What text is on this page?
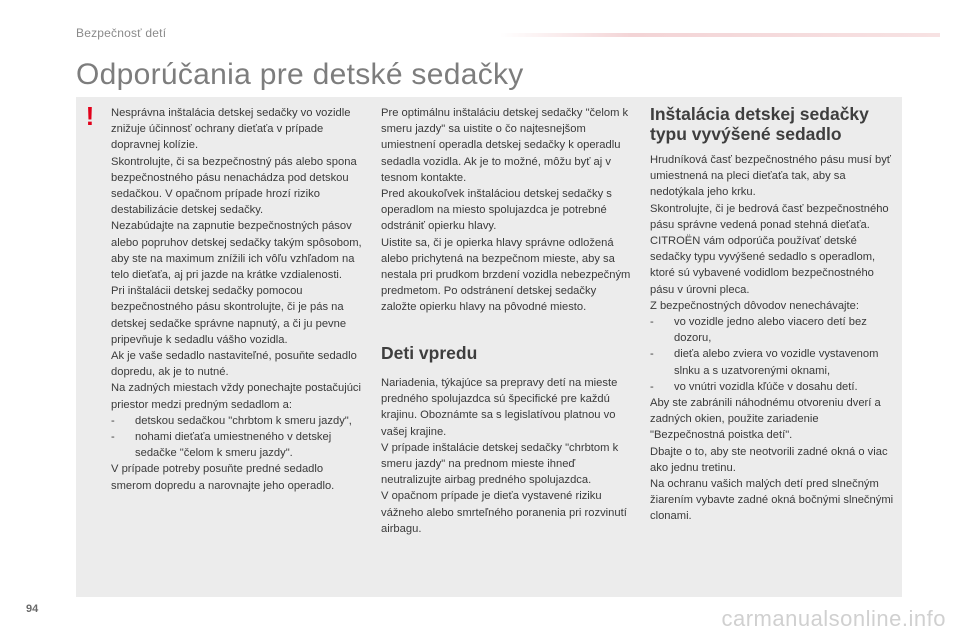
Bezpečnosť detí
Odporúčania pre detské sedačky
!	Nesprávna inštalácia detskej sedačky vo vozidle znižuje účinnosť ochrany dieťaťa v prípade dopravnej kolízie.

Skontrolujte, či sa bezpečnostný pás alebo spona bezpečnostného pásu nenachádza pod detskou sedačkou. V opačnom prípade hrozí riziko destabilizácie detskej sedačky.

Nezabúdajte na zapnutie bezpečnostných pásov alebo popruhov detskej sedačky takým spôsobom, aby ste na maximum znížili ich vôľu vzhľadom na telo dieťaťa, aj pri jazde na krátke vzdialenosti.

Pri inštalácii detskej sedačky pomocou bezpečnostného pásu skontrolujte, či je pás na detskej sedačke správne napnutý, a či ju pevne pripevňuje k sedadlu vášho vozidla.

Ak je vaše sedadlo nastaviteľné, posuňte sedadlo dopredu, ak je to nutné.

Na zadných miestach vždy ponechajte postačujúci priestor medzi predným sedadlom a:

-	detskou sedačkou "chrbtom k smeru jazdy",
-	nohami dieťaťa umiestneného v detskej sedačke "čelom k smeru jazdy".

V prípade potreby posuňte predné sedadlo smerom dopredu a narovnajte jeho operadlo.

Pre optimálnu inštaláciu detskej sedačky "čelom k smeru jazdy" sa uistite o čo najtesnejšom umiestnení operadla detskej sedačky k operadlu sedadla vozidla. Ak je to možné, môžu byť aj v tesnom kontakte.

Pred akoukoľvek inštaláciou detskej sedačky s operadlom na miesto spolujazdca je potrebné odstrániť opierku hlavy.

Uistite sa, či je opierka hlavy správne odložená alebo prichytená na bezpečnom mieste, aby sa nestala pri prudkom brzdení vozidla nebezpečným predmetom. Po odstránení detskej sedačky založte opierku hlavy na pôvodné miesto.

Deti vpredu

Nariadenia, týkajúce sa prepravy detí na mieste predného spolujazdca sú špecifické pre každú krajinu. Oboznámte sa s legislatívou platnou vo vašej krajine.

V prípade inštalácie detskej sedačky "chrbtom k smeru jazdy" na prednom mieste ihneď neutralizujte airbag predného spolujazdca.

V opačnom prípade je dieťa vystavené riziku vážneho alebo smrteľného poranenia pri rozvinutí airbagu.

Inštalácia detskej sedačky typu vyvýšené sedadlo

Hrudníková časť bezpečnostného pásu musí byť umiestnená na pleci dieťaťa tak, aby sa nedotýkala jeho krku.

Skontrolujte, či je bedrová časť bezpečnostného pásu správne vedená ponad stehná dieťaťa.

CITROËN vám odporúča používať detské sedačky typu vyvýšené sedadlo s operadlom, ktoré sú vybavené vodidlom bezpečnostného pásu v úrovni pleca.

Z bezpečnostných dôvodov nenechávajte:

-	vo vozidle jedno alebo viacero detí bez dozoru,
-	dieťa alebo zviera vo vozidle vystavenom slnku a s uzatvorenými oknami,
-	vo vnútri vozidla kľúče v dosahu detí.

Aby ste zabránili náhodnému otvoreniu dverí a zadných okien, použite zariadenie "Bezpečnostná poistka detí".

Dbajte o to, aby ste neotvorili zadné okná o viac ako jednu tretinu.

Na ochranu vašich malých detí pred slnečným žiarením vybavte zadné okná bočnými slnečnými clonami.

94	carmanualsonline.info
